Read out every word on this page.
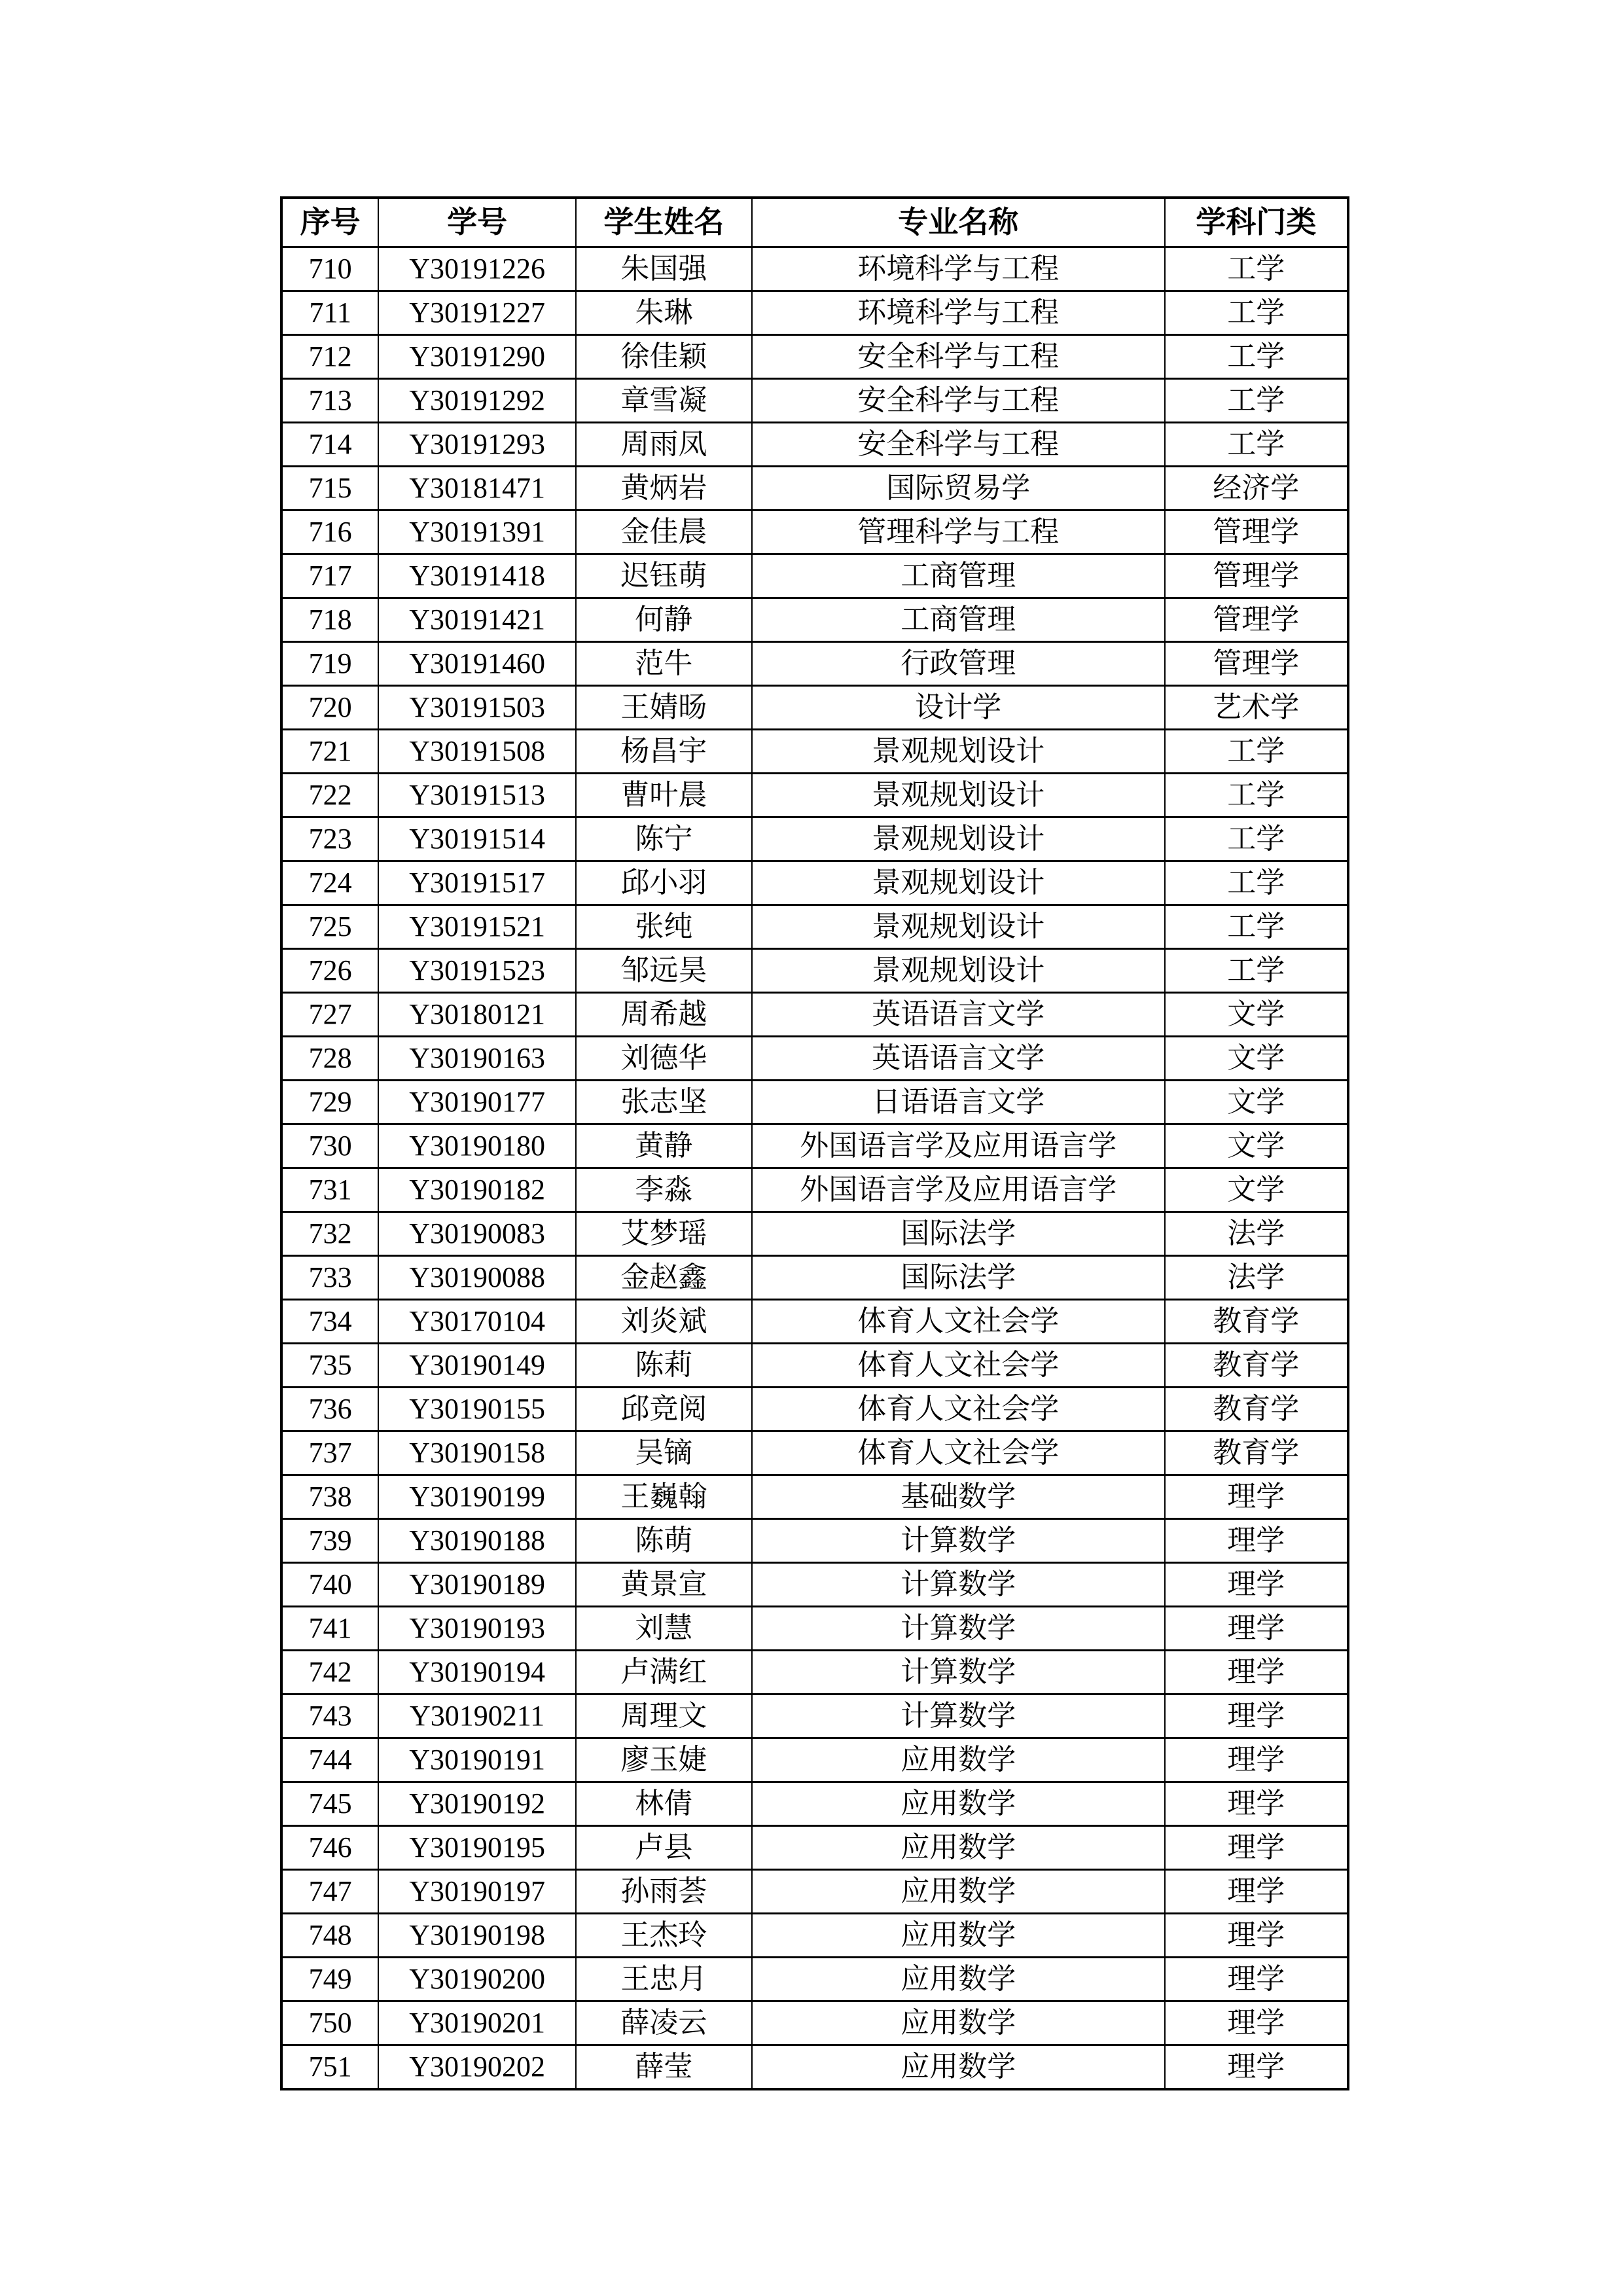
序号	学号	学生姓名	专业名称	学科门类
710	Y30191226	朱国强	环境科学与工程	工学
711	Y30191227	朱琳	环境科学与工程	工学
712	Y30191290	徐佳颖	安全科学与工程	工学
713	Y30191292	章雪凝	安全科学与工程	工学
714	Y30191293	周雨凤	安全科学与工程	工学
715	Y30181471	黄炳岩	国际贸易学	经济学
716	Y30191391	金佳晨	管理科学与工程	管理学
717	Y30191418	迟钰萌	工商管理	管理学
718	Y30191421	何静	工商管理	管理学
719	Y30191460	范牛	行政管理	管理学
720	Y30191503	王婧旸	设计学	艺术学
721	Y30191508	杨昌宇	景观规划设计	工学
722	Y30191513	曹叶晨	景观规划设计	工学
723	Y30191514	陈宁	景观规划设计	工学
724	Y30191517	邱小羽	景观规划设计	工学
725	Y30191521	张纯	景观规划设计	工学
726	Y30191523	邹远昊	景观规划设计	工学
727	Y30180121	周希越	英语语言文学	文学
728	Y30190163	刘德华	英语语言文学	文学
729	Y30190177	张志坚	日语语言文学	文学
730	Y30190180	黄静	外国语言学及应用语言学	文学
731	Y30190182	李淼	外国语言学及应用语言学	文学
732	Y30190083	艾梦瑶	国际法学	法学
733	Y30190088	金赵鑫	国际法学	法学
734	Y30170104	刘炎斌	体育人文社会学	教育学
735	Y30190149	陈莉	体育人文社会学	教育学
736	Y30190155	邱竞阅	体育人文社会学	教育学
737	Y30190158	吴镝	体育人文社会学	教育学
738	Y30190199	王巍翰	基础数学	理学
739	Y30190188	陈萌	计算数学	理学
740	Y30190189	黄景宣	计算数学	理学
741	Y30190193	刘慧	计算数学	理学
742	Y30190194	卢满红	计算数学	理学
743	Y30190211	周理文	计算数学	理学
744	Y30190191	廖玉婕	应用数学	理学
745	Y30190192	林倩	应用数学	理学
746	Y30190195	卢县	应用数学	理学
747	Y30190197	孙雨荟	应用数学	理学
748	Y30190198	王杰玲	应用数学	理学
749	Y30190200	王忠月	应用数学	理学
750	Y30190201	薛凌云	应用数学	理学
751	Y30190202	薛莹	应用数学	理学
